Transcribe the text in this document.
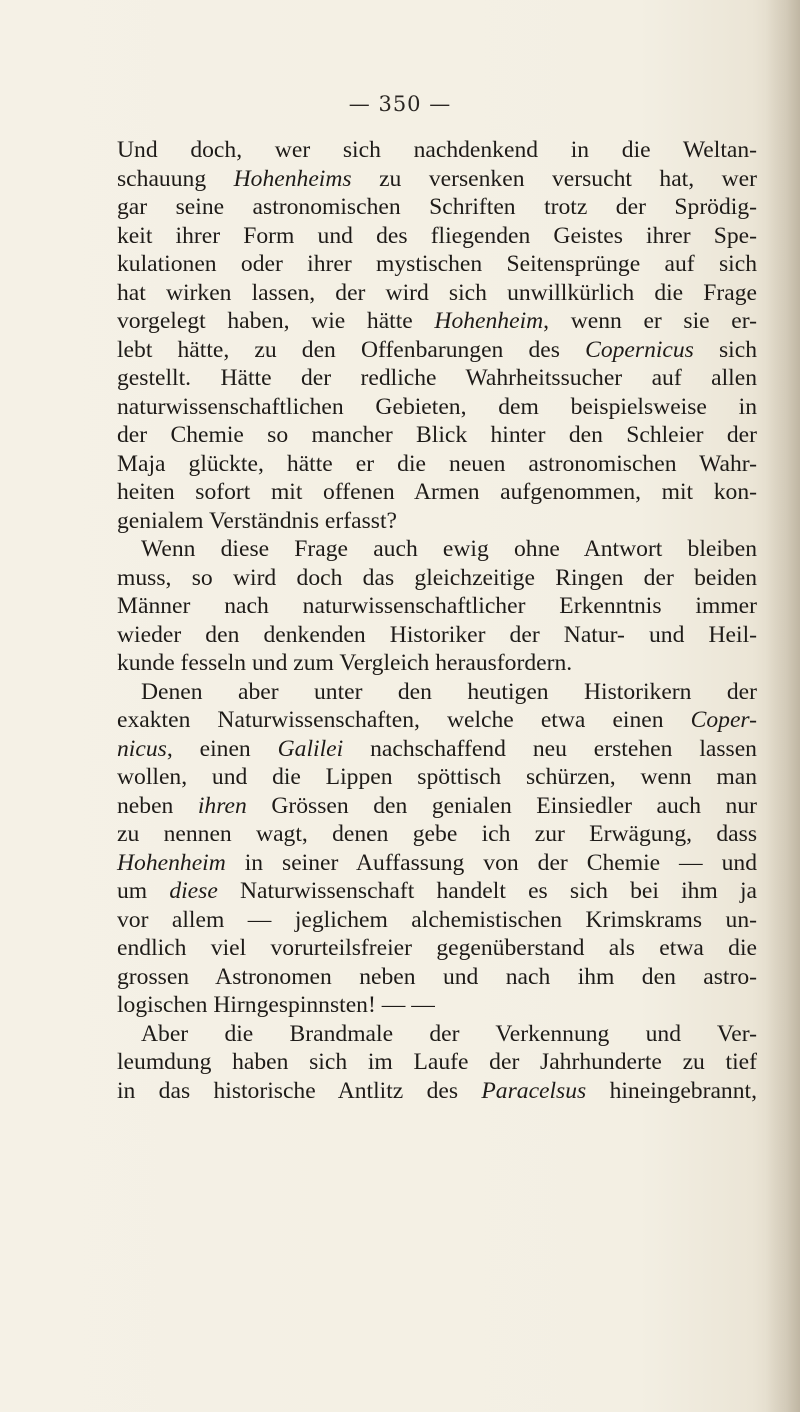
— 350 —
Und doch, wer sich nachdenkend in die Weltan-
schauung Hohenheims zu versenken versucht hat, wer
gar seine astronomischen Schriften trotz der Sprödig-
keit ihrer Form und des fliegenden Geistes ihrer Spe-
kulationen oder ihrer mystischen Seitensprünge auf sich
hat wirken lassen, der wird sich unwillkürlich die Frage
vorgelegt haben, wie hätte Hohenheim, wenn er sie er-
lebt hätte, zu den Offenbarungen des Copernicus sich
gestellt. Hätte der redliche Wahrheitssucher auf allen
naturwissenschaftlichen Gebieten, dem beispielsweise in
der Chemie so mancher Blick hinter den Schleier der
Maja glückte, hätte er die neuen astronomischen Wahr-
heiten sofort mit offenen Armen aufgenommen, mit kon-
genialem Verständnis erfasst?
Wenn diese Frage auch ewig ohne Antwort bleiben
muss, so wird doch das gleichzeitige Ringen der beiden
Männer nach naturwissenschaftlicher Erkenntnis immer
wieder den denkenden Historiker der Natur- und Heil-
kunde fesseln und zum Vergleich herausfordern.
Denen aber unter den heutigen Historikern der
exakten Naturwissenschaften, welche etwa einen Coper-
nicus, einen Galilei nachschaffend neu erstehen lassen
wollen, und die Lippen spöttisch schürzen, wenn man
neben ihren Grössen den genialen Einsiedler auch nur
zu nennen wagt, denen gebe ich zur Erwägung, dass
Hohenheim in seiner Auffassung von der Chemie — und
um diese Naturwissenschaft handelt es sich bei ihm ja
vor allem — jeglichem alchemistischen Krimskrams un-
endlich viel vorurteilsfreier gegenüberstand als etwa die
grossen Astronomen neben und nach ihm den astro-
logischen Hirngespinnsten! — —
Aber die Brandmale der Verkennung und Ver-
leumdung haben sich im Laufe der Jahrhunderte zu tief
in das historische Antlitz des Paracelsus hineingebrannt,
